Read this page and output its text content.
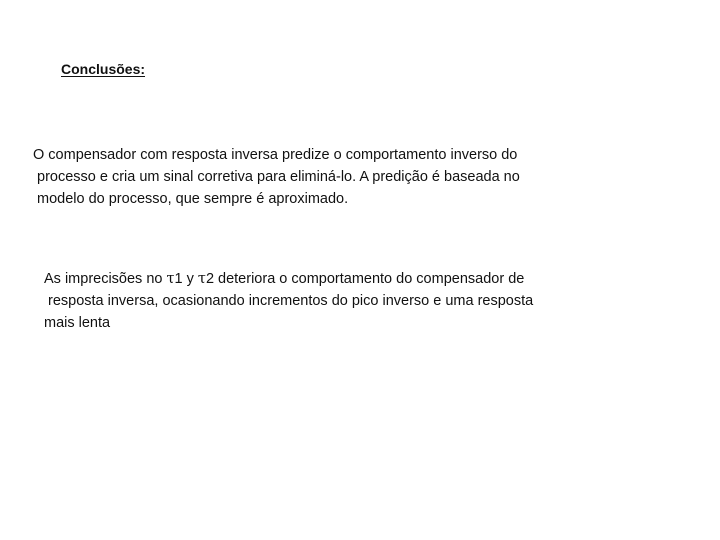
Conclusões:
O compensador com resposta inversa predize o comportamento inverso do
processo e cria um sinal corretiva para eliminá-lo. A predição é baseada no
modelo do processo, que sempre é aproximado.
As imprecisões no τ1 y τ2 deteriora o comportamento do compensador de
resposta inversa, ocasionando incrementos do pico inverso e uma resposta
mais lenta
